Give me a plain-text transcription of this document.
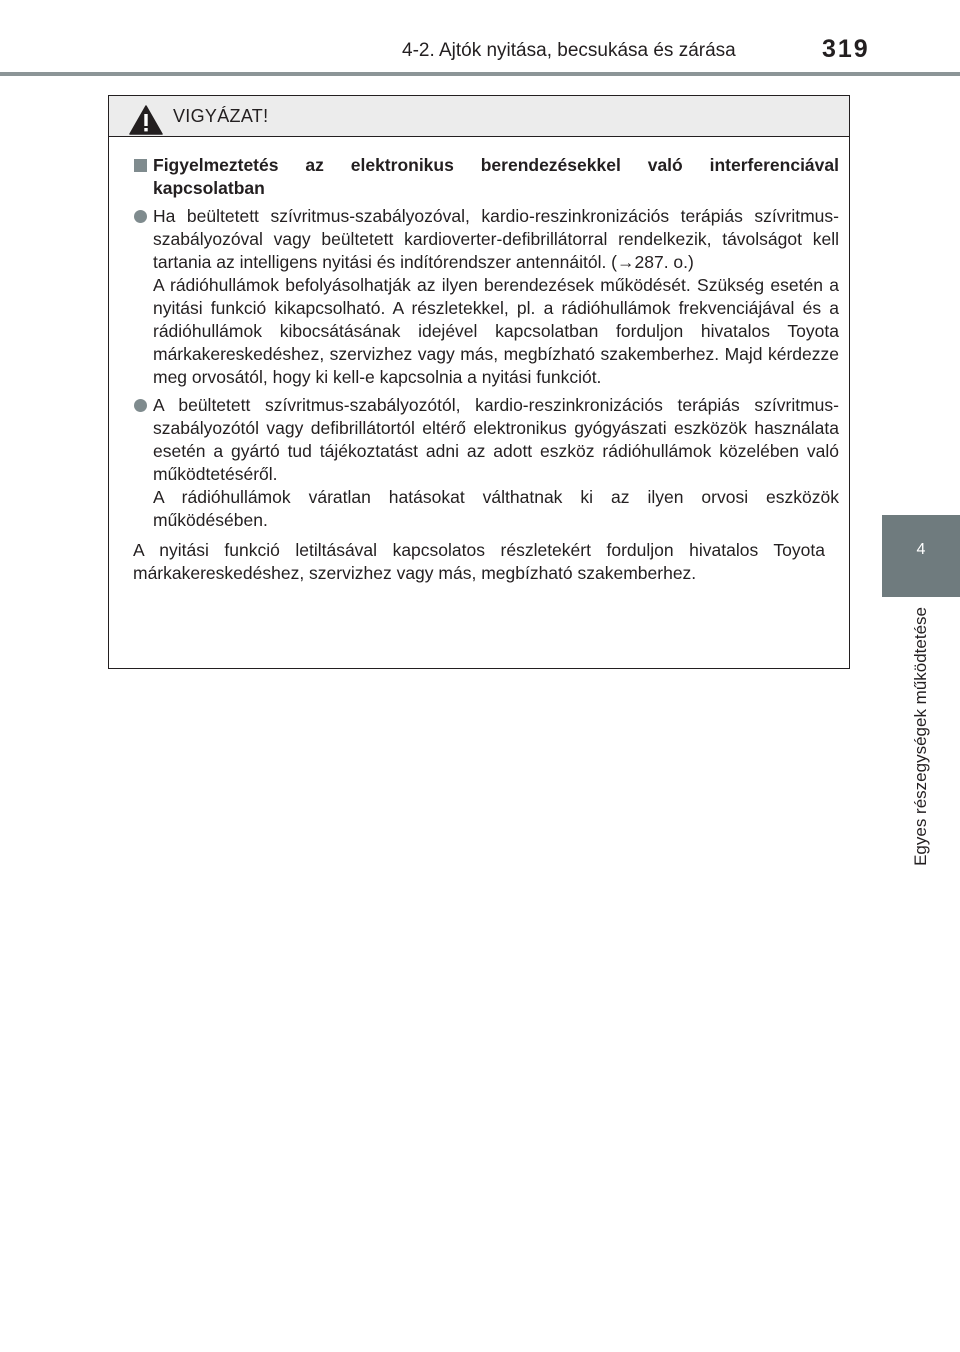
4-2. Ajtók nyitása, becsukása és zárása	319
4
Egyes részegységek működtetése
VIGYÁZAT!
Figyelmeztetés az elektronikus berendezésekkel való interferenciával kapcsolatban
Ha beültetett szívritmus-szabályozóval, kardio-reszinkronizációs terápiás szívritmus-szabályozóval vagy beültetett kardioverter-defibrillátorral rendelkezik, távolságot kell tartania az intelligens nyitási és indítórendszer antennáitól. (→287. o.)
A rádióhullámok befolyásolhatják az ilyen berendezések működését. Szükség esetén a nyitási funkció kikapcsolható. A részletekkel, pl. a rádióhullámok frekvenciájával és a rádióhullámok kibocsátásának idejével kapcsolatban forduljon hivatalos Toyota márkakereskedéshez, szervizhez vagy más, megbízható szakemberhez. Majd kérdezze meg orvosától, hogy ki kell-e kapcsolnia a nyitási funkciót.
A beültetett szívritmus-szabályozótól, kardio-reszinkronizációs terápiás szívritmus-szabályozótól vagy defibrillátortól eltérő elektronikus gyógyászati eszközök használata esetén a gyártó tud tájékoztatást adni az adott eszköz rádióhullámok közelében való működtetéséről.
A rádióhullámok váratlan hatásokat válthatnak ki az ilyen orvosi eszközök működésében.
A nyitási funkció letiltásával kapcsolatos részletekért forduljon hivatalos Toyota márkakereskedéshez, szervizhez vagy más, megbízható szakemberhez.
